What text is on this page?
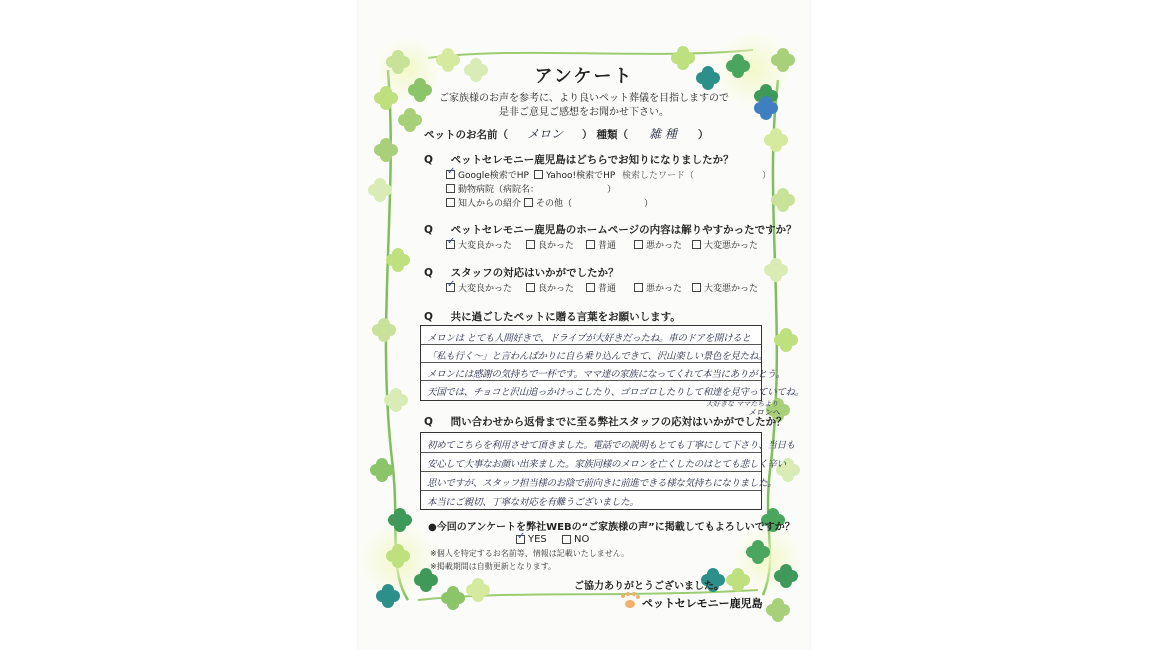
アンケート
ご家族様のお声を参考に、より良いペット葬儀を目指しますので
是非ご意見ご感想をお聞かせ下さい。
ペットのお名前（	メロン	） 種類（	雑 種	）
Q ペットセレモニー鹿児島はどちらでお知りになりましたか？
✓
Google検索でHP Yahoo!検索でHP 検索したワード（	）
動物病院（病院名：	）
知人からの紹介 その他（	）
Q ペットセレモニー鹿児島のホームページの内容は解りやすかったですか？
✓
大変良かった	良かった	普通	悪かった 大変悪かった
Q スタッフの対応はいかがでしたか？
✓
大変良かった	良かった	普通	悪かった 大変悪かった
Q 共に過ごしたペットに贈る言葉をお願いします。
メロンは とても人間好きで、ドライブが大好きだったね。車のドアを開けると
「私も行く〜」と言わんばかりに自ら乗り込んできて、沢山楽しい景色を見たね。
メロンには感謝の気持ちで一杯です。ママ達の家族になってくれて本当にありがとう。
天国では、チョコと沢山追っかけっこしたり、ゴロゴロしたりして和達を見守っていてね。
大好きな ママたちより
メロンへ
Q 問い合わせから返骨までに至る弊社スタッフの応対はいかがでしたか？
初めてこちらを利用させて頂きました。電話での説明もとても丁寧にして下さり、当日も
安心して大事なお顔い出来ました。家族同様のメロンを亡くしたのはとても悲しく辛い
思いですが、スタッフ担当様のお陰で前向きに前進できる様な気持ちになりました。
本当にご親切、丁寧な対応を有難うございました。
●今回のアンケートを弊社WEBの“ご家族様の声”に掲載してもよろしいですか？
✓
YES	NO
※個人を特定するお名前等、情報は記載いたしません。
※掲載期間は自動更新となります。
ご協力ありがとうございました。
ペットセレモニー鹿児島
